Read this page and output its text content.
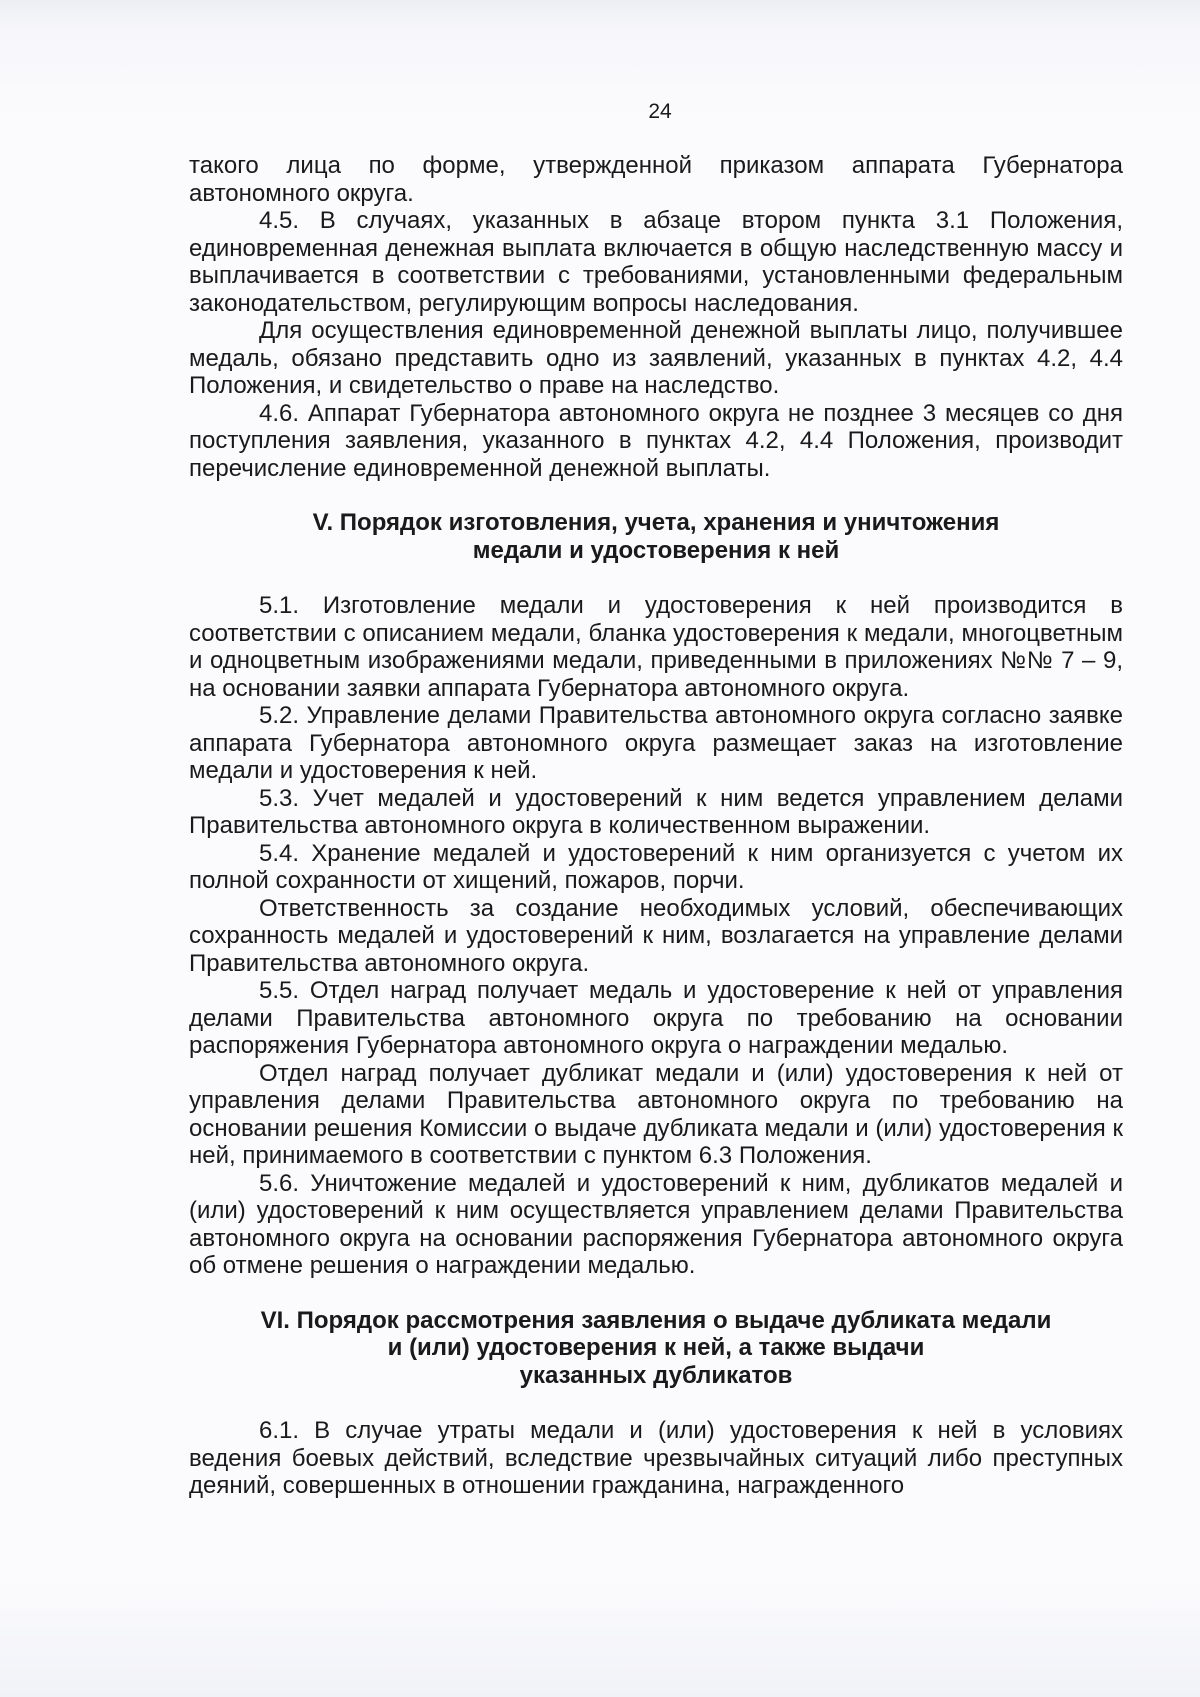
24

такого лица по форме, утвержденной приказом аппарата Губернатора автономного округа.

4.5. В случаях, указанных в абзаце втором пункта 3.1 Положения, единовременная денежная выплата включается в общую наследственную массу и выплачивается в соответствии с требованиями, установленными федеральным законодательством, регулирующим вопросы наследования.

Для осуществления единовременной денежной выплаты лицо, получившее медаль, обязано представить одно из заявлений, указанных в пунктах 4.2, 4.4 Положения, и свидетельство о праве на наследство.

4.6. Аппарат Губернатора автономного округа не позднее 3 месяцев со дня поступления заявления, указанного в пунктах 4.2, 4.4 Положения, производит перечисление единовременной денежной выплаты.

V. Порядок изготовления, учета, хранения и уничтожения
медали и удостоверения к ней

5.1. Изготовление медали и удостоверения к ней производится в соответствии с описанием медали, бланка удостоверения к медали, многоцветным и одноцветным изображениями медали, приведенными в приложениях №№ 7 – 9, на основании заявки аппарата Губернатора автономного округа.

5.2. Управление делами Правительства автономного округа согласно заявке аппарата Губернатора автономного округа размещает заказ на изготовление медали и удостоверения к ней.

5.3. Учет медалей и удостоверений к ним ведется управлением делами Правительства автономного округа в количественном выражении.

5.4. Хранение медалей и удостоверений к ним организуется с учетом их полной сохранности от хищений, пожаров, порчи.

Ответственность за создание необходимых условий, обеспечивающих сохранность медалей и удостоверений к ним, возлагается на управление делами Правительства автономного округа.

5.5. Отдел наград получает медаль и удостоверение к ней от управления делами Правительства автономного округа по требованию на основании распоряжения Губернатора автономного округа о награждении медалью.

Отдел наград получает дубликат медали и (или) удостоверения к ней от управления делами Правительства автономного округа по требованию на основании решения Комиссии о выдаче дубликата медали и (или) удостоверения к ней, принимаемого в соответствии с пунктом 6.3 Положения.

5.6. Уничтожение медалей и удостоверений к ним, дубликатов медалей и (или) удостоверений к ним осуществляется управлением делами Правительства автономного округа на основании распоряжения Губернатора автономного округа об отмене решения о награждении медалью.

VI. Порядок рассмотрения заявления о выдаче дубликата медали
и (или) удостоверения к ней, а также выдачи
указанных дубликатов

6.1. В случае утраты медали и (или) удостоверения к ней в условиях ведения боевых действий, вследствие чрезвычайных ситуаций либо преступных деяний, совершенных в отношении гражданина, награжденного
